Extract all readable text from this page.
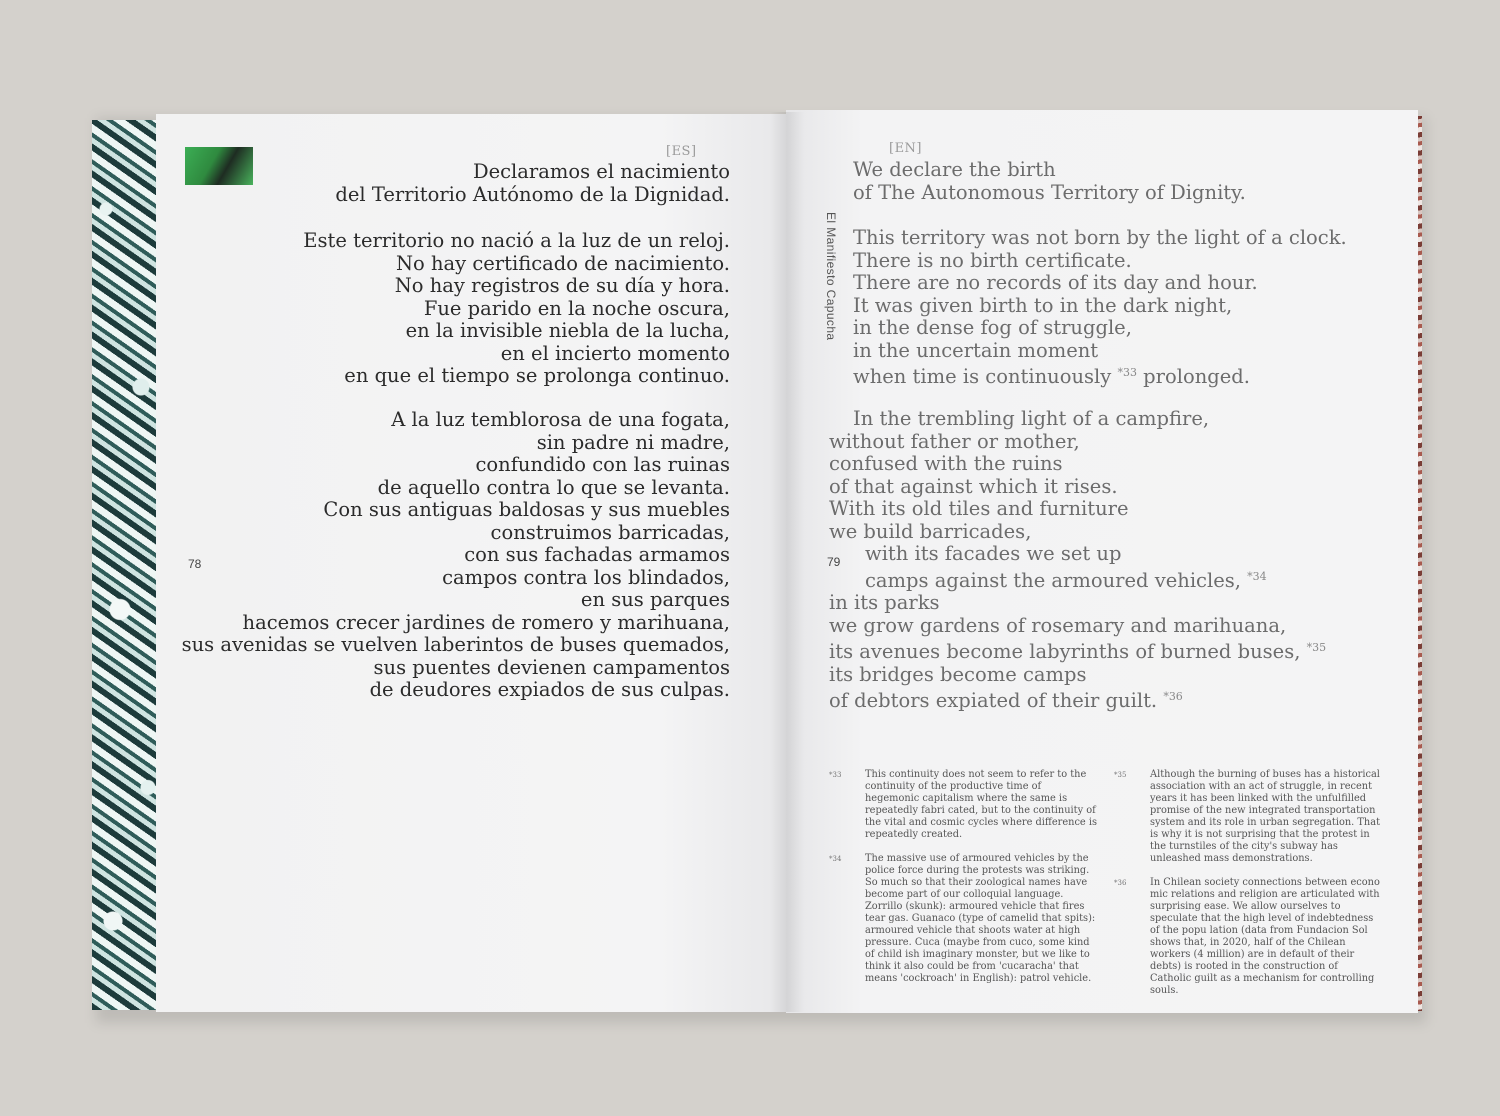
[ES]	[EN]
78	79
El Manifiesto Capucha
Declaramos el nacimiento
del Territorio Autónomo de la Dignidad.
Este territorio no nació a la luz de un reloj.
No hay certificado de nacimiento.
No hay registros de su día y hora.
Fue parido en la noche oscura,
en la invisible niebla de la lucha,
en el incierto momento
en que el tiempo se prolonga continuo.
A la luz temblorosa de una fogata,
sin padre ni madre,
confundido con las ruinas
de aquello contra lo que se levanta.
Con sus antiguas baldosas y sus muebles
construimos barricadas,
con sus fachadas armamos
campos contra los blindados,
en sus parques
hacemos crecer jardines de romero y marihuana,
sus avenidas se vuelven laberintos de buses quemados,
sus puentes devienen campamentos
de deudores expiados de sus culpas.
We declare the birth
of The Autonomous Territory of Dignity.
This territory was not born by the light of a clock.
There is no birth certificate.
There are no records of its day and hour.
It was given birth to in the dark night,
in the dense fog of struggle,
in the uncertain moment
when time is continuously $^{*33}$ prolonged.
In the trembling light of a campfire,
without father or mother,
confused with the ruins
of that against which it rises.
With its old tiles and furniture
we build barricades,
with its facades we set up
camps against the armoured vehicles, $^{*34}$
in its parks
we grow gardens of rosemary and marihuana,
its avenues become labyrinths of burned buses, $^{*35}$
its bridges become camps
of debtors expiated of their guilt. $^{*36}$
*33 This continuity does not seem to refer to the continuity of the productive time of hegemonic capitalism where the same is repeatedly fabri cated, but to the continuity of the vital and cosmic cycles where difference is repeatedly created.

*34 The massive use of armoured vehicles by the police force during the protests was striking. So much so that their zoological names have become part of our colloquial language. Zorrillo (skunk): armoured vehicle that fires tear gas. Guanaco (type of camelid that spits): armoured vehicle that shoots water at high pressure. Cuca (maybe from cuco, some kind of child ish imaginary monster, but we like to think it also could be from 'cucaracha' that means 'cockroach' in English): patrol vehicle.

*35 Although the burning of buses has a historical association with an act of struggle, in recent years it has been linked with the unfulfilled promise of the new integrated transportation system and its role in urban segregation. That is why it is not surprising that the protest in the turnstiles of the city's subway has unleashed mass demonstrations.

*36 In Chilean society connections between econo mic relations and religion are articulated with surprising ease. We allow ourselves to speculate that the high level of indebtedness of the popu lation (data from Fundacion Sol shows that, in 2020, half of the Chilean workers (4 million) are in default of their debts) is rooted in the construction of Catholic guilt as a mechanism for controlling souls.
